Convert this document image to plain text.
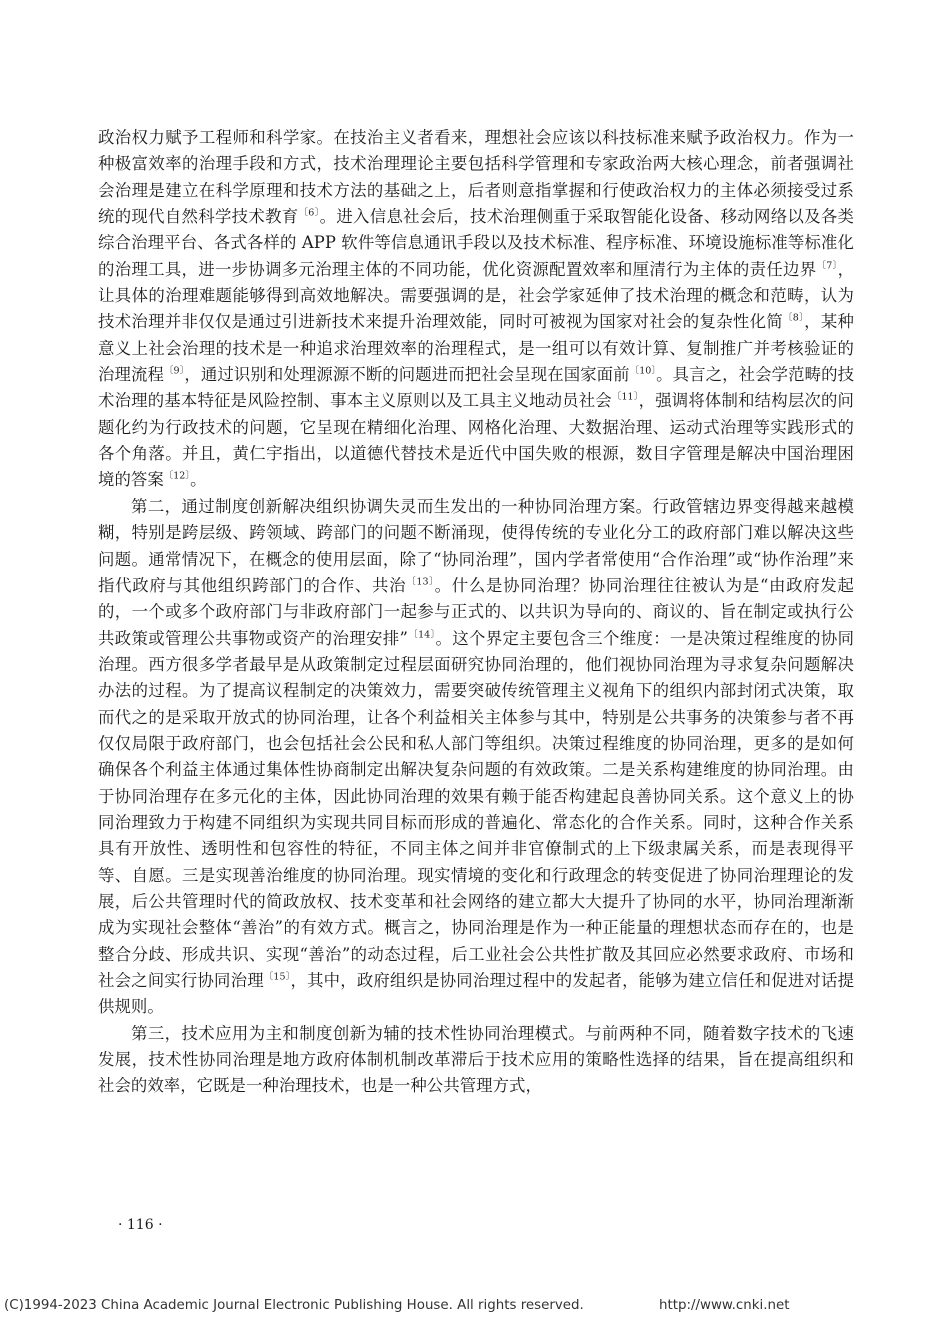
政治权力赋予工程师和科学家。在技治主义者看来，理想社会应该以科技标准来赋予政治权力。作为一种极富效率的治理手段和方式，技术治理理论主要包括科学管理和专家政治两大核心理念，前者强调社会治理是建立在科学原理和技术方法的基础之上，后者则意指掌握和行使政治权力的主体必须接受过系统的现代自然科学技术教育$^{〔6〕}$。进入信息社会后，技术治理侧重于采取智能化设备、移动网络以及各类综合治理平台、各式各样的 APP 软件等信息通讯手段以及技术标准、程序标准、环境设施标准等标准化的治理工具，进一步协调多元治理主体的不同功能，优化资源配置效率和厘清行为主体的责任边界$^{〔7〕}$，让具体的治理难题能够得到高效地解决。需要强调的是，社会学家延伸了技术治理的概念和范畴，认为技术治理并非仅仅是通过引进新技术来提升治理效能，同时可被视为国家对社会的复杂性化简$^{〔8〕}$，某种意义上社会治理的技术是一种追求治理效率的治理程式，是一组可以有效计算、复制推广并考核验证的治理流程$^{〔9〕}$，通过识别和处理源源不断的问题进而把社会呈现在国家面前$^{〔10〕}$。具言之，社会学范畴的技术治理的基本特征是风险控制、事本主义原则以及工具主义地动员社会$^{〔11〕}$，强调将体制和结构层次的问题化约为行政技术的问题，它呈现在精细化治理、网格化治理、大数据治理、运动式治理等实践形式的各个角落。并且，黄仁宇指出，以道德代替技术是近代中国失败的根源，数目字管理是解决中国治理困境的答案$^{〔12〕}$。

第二，通过制度创新解决组织协调失灵而生发出的一种协同治理方案。行政管辖边界变得越来越模糊，特别是跨层级、跨领域、跨部门的问题不断涌现，使得传统的专业化分工的政府部门难以解决这些问题。通常情况下，在概念的使用层面，除了“协同治理”，国内学者常使用“合作治理”或“协作治理”来指代政府与其他组织跨部门的合作、共治$^{〔13〕}$。什么是协同治理？协同治理往往被认为是“由政府发起的，一个或多个政府部门与非政府部门一起参与正式的、以共识为导向的、商议的、旨在制定或执行公共政策或管理公共事物或资产的治理安排”$^{〔14〕}$。这个界定主要包含三个维度：一是决策过程维度的协同治理。西方很多学者最早是从政策制定过程层面研究协同治理的，他们视协同治理为寻求复杂问题解决办法的过程。为了提高议程制定的决策效力，需要突破传统管理主义视角下的组织内部封闭式决策，取而代之的是采取开放式的协同治理，让各个利益相关主体参与其中，特别是公共事务的决策参与者不再仅仅局限于政府部门，也会包括社会公民和私人部门等组织。决策过程维度的协同治理，更多的是如何确保各个利益主体通过集体性协商制定出解决复杂问题的有效政策。二是关系构建维度的协同治理。由于协同治理存在多元化的主体，因此协同治理的效果有赖于能否构建起良善协同关系。这个意义上的协同治理致力于构建不同组织为实现共同目标而形成的普遍化、常态化的合作关系。同时，这种合作关系具有开放性、透明性和包容性的特征，不同主体之间并非官僚制式的上下级隶属关系，而是表现得平等、自愿。三是实现善治维度的协同治理。现实情境的变化和行政理念的转变促进了协同治理理论的发展，后公共管理时代的简政放权、技术变革和社会网络的建立都大大提升了协同的水平，协同治理渐渐成为实现社会整体“善治”的有效方式。概言之，协同治理是作为一种正能量的理想状态而存在的，也是整合分歧、形成共识、实现“善治”的动态过程，后工业社会公共性扩散及其回应必然要求政府、市场和社会之间实行协同治理$^{〔15〕}$，其中，政府组织是协同治理过程中的发起者，能够为建立信任和促进对话提供规则。

第三，技术应用为主和制度创新为辅的技术性协同治理模式。与前两种不同，随着数字技术的飞速发展，技术性协同治理是地方政府体制机制改革滞后于技术应用的策略性选择的结果，旨在提高组织和社会的效率，它既是一种治理技术，也是一种公共管理方式，

· 116 ·
(C)1994-2023 China Academic Journal Electronic Publishing House. All rights reserved.	http://www.cnki.net
